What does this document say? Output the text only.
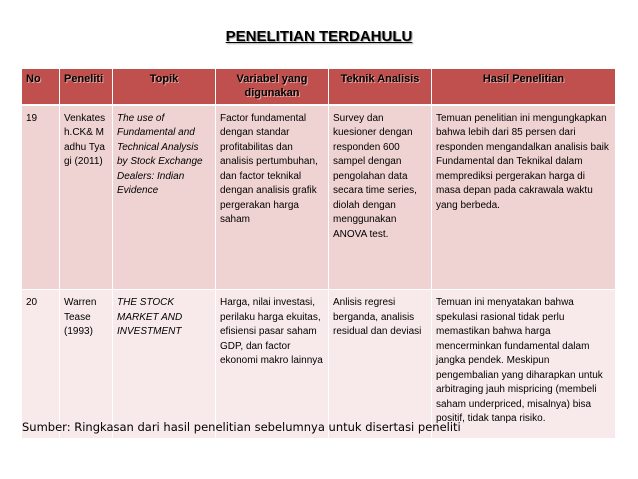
PENELITIAN TERDAHULU
No	Peneliti	Topik	Variabel yang digunakan	Teknik Analisis	Hasil Penelitian
19	Venkatesh.CK& Madhu Tyagi (2011)	The use of Fundamental and Technical Analysis by Stock Exchange Dealers: Indian Evidence	Factor fundamental dengan standar profitabilitas dan analisis pertumbuhan, dan factor teknikal dengan analisis grafik pergerakan harga saham	Survey dan kuesioner dengan responden 600 sampel dengan pengolahan data secara time series, diolah dengan menggunakan ANOVA test.	Temuan penelitian ini mengungkapkan bahwa lebih dari 85 persen dari responden mengandalkan analisis baik Fundamental dan Teknikal dalam memprediksi pergerakan harga di masa depan pada cakrawala waktu yang berbeda.
20	Warren Tease (1993)	THE STOCK MARKET AND INVESTMENT	Harga, nilai investasi, perilaku harga ekuitas, efisiensi pasar saham GDP, dan factor ekonomi makro lainnya	Anlisis regresi berganda, analisis residual dan deviasi	Temuan ini menyatakan bahwa spekulasi rasional tidak perlu memastikan bahwa harga mencerminkan fundamental dalam jangka pendek. Meskipun pengembalian yang diharapkan untuk arbitraging jauh mispricing (membeli saham underpriced, misalnya) bisa positif, tidak tanpa risiko.
Sumber: Ringkasan dari hasil penelitian sebelumnya untuk disertasi peneliti
